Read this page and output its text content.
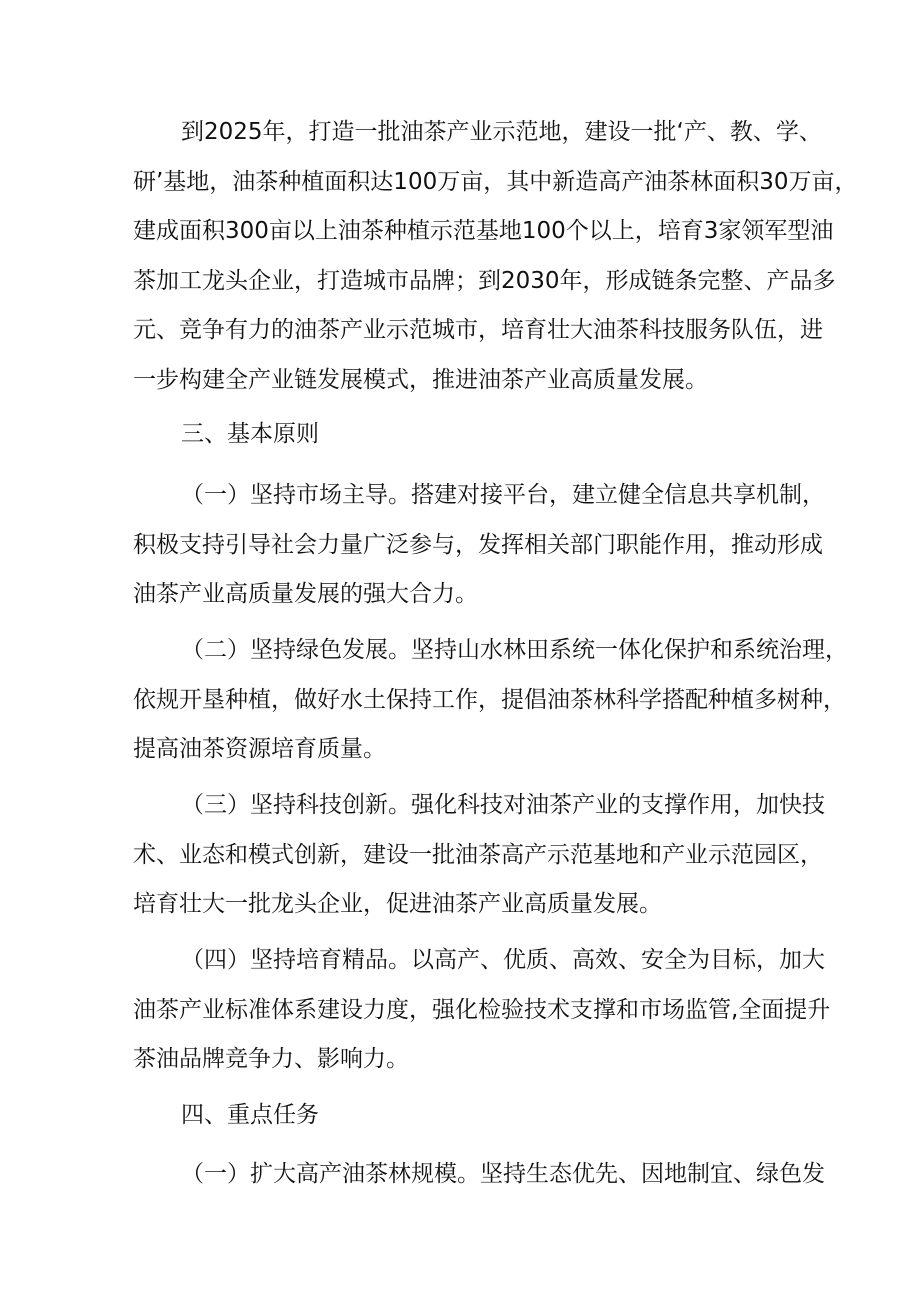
到2025年，打造一批油茶产业示范地，建设一批‘产、教、学、
研’基地，油茶种植面积达100万亩，其中新造高产油茶林面积30万亩，
建成面积300亩以上油茶种植示范基地100个以上，培育3家领军型油
茶加工龙头企业，打造城市品牌；到2030年，形成链条完整、产品多
元、竞争有力的油茶产业示范城市，培育壮大油茶科技服务队伍，进
一步构建全产业链发展模式，推进油茶产业高质量发展。

三、基本原则

（一）坚持市场主导。搭建对接平台，建立健全信息共享机制，
积极支持引导社会力量广泛参与，发挥相关部门职能作用，推动形成
油茶产业高质量发展的强大合力。

（二）坚持绿色发展。坚持山水林田系统一体化保护和系统治理，
依规开垦种植，做好水土保持工作，提倡油茶林科学搭配种植多树种，
提高油茶资源培育质量。

（三）坚持科技创新。强化科技对油茶产业的支撑作用，加快技
术、业态和模式创新，建设一批油茶高产示范基地和产业示范园区，
培育壮大一批龙头企业，促进油茶产业高质量发展。

（四）坚持培育精品。以高产、优质、高效、安全为目标，加大
油茶产业标准体系建设力度，强化检验技术支撑和市场监管,全面提升
茶油品牌竞争力、影响力。

四、重点任务

（一）扩大高产油茶林规模。坚持生态优先、因地制宜、绿色发
